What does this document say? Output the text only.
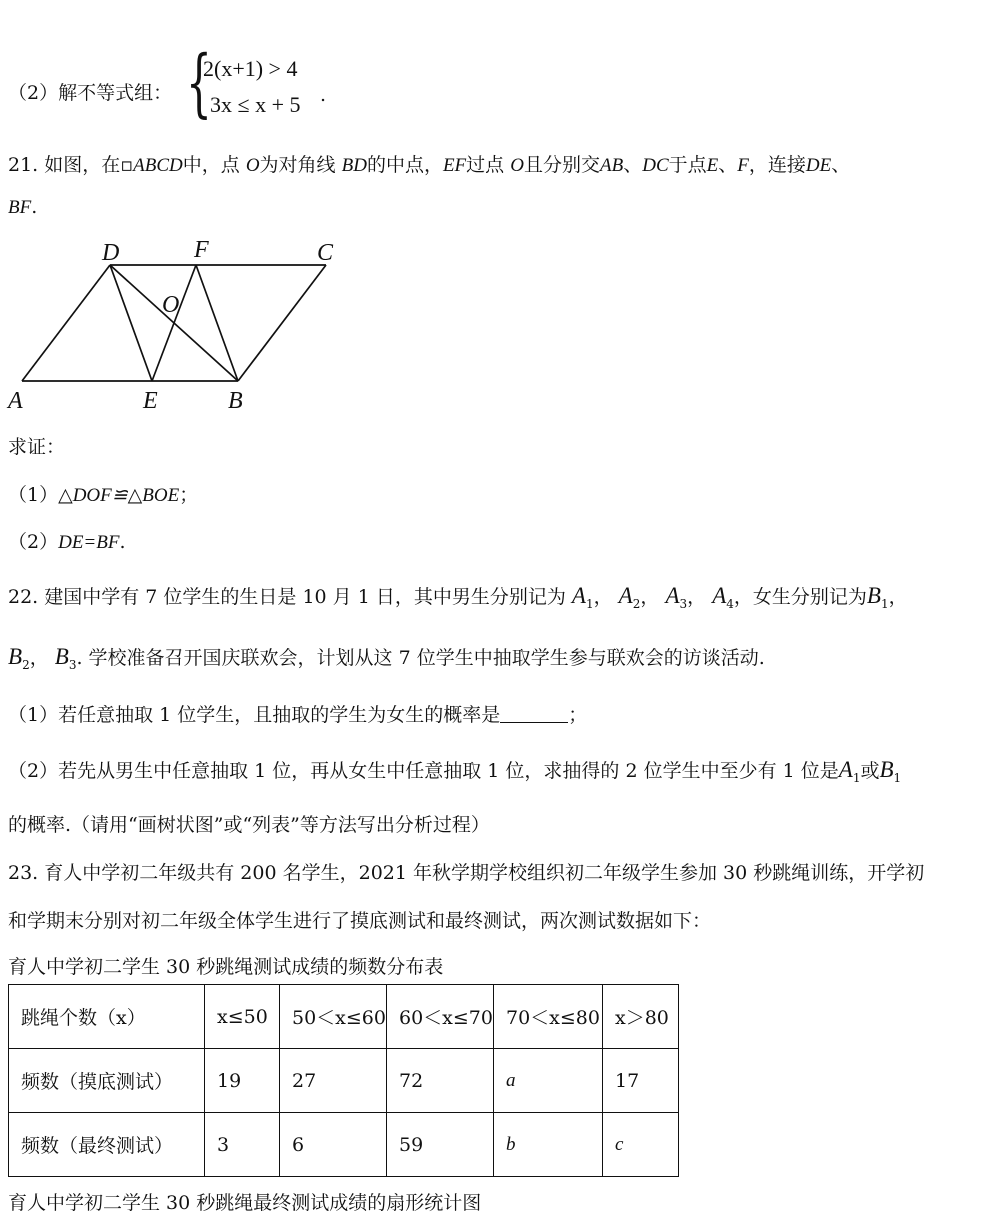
（2）解不等式组： {
2(x+1) > 4
3x ≤ x + 5 .
21. 如图，在▫ABCD中，点 O为对角线 BD的中点，EF过点 O且分别交AB、DC于点E、F，连接DE、
BF.
D	F	C
O
A	E	B
求证：
（1）△DOF≌△BOE；
（2）DE=BF.
22. 建国中学有 7 位学生的生日是 10 月 1 日，其中男生分别记为 $A_1$， $A_2$， $A_3$， $A_4$，女生分别记为$B_1$，
$B_2$， $B_3$. 学校准备召开国庆联欢会，计划从这 7 位学生中抽取学生参与联欢会的访谈活动.
（1）若任意抽取 1 位学生，且抽取的学生为女生的概率是	；
（2）若先从男生中任意抽取 1 位，再从女生中任意抽取 1 位，求抽得的 2 位学生中至少有 1 位是$A_1$或$B_1$
的概率.（请用“画树状图”或“列表”等方法写出分析过程）
23. 育人中学初二年级共有 200 名学生，2021 年秋学期学校组织初二年级学生参加 30 秒跳绳训练，开学初
和学期末分别对初二年级全体学生进行了摸底测试和最终测试，两次测试数据如下：
育人中学初二学生 30 秒跳绳测试成绩的频数分布表
跳绳个数（x）	x≤50	50＜x≤60	60＜x≤70	70＜x≤80	x＞80
频数（摸底测试）	19	27	72	a	17
频数（最终测试）	3	6	59	b	c
育人中学初二学生 30 秒跳绳最终测试成绩的扇形统计图
